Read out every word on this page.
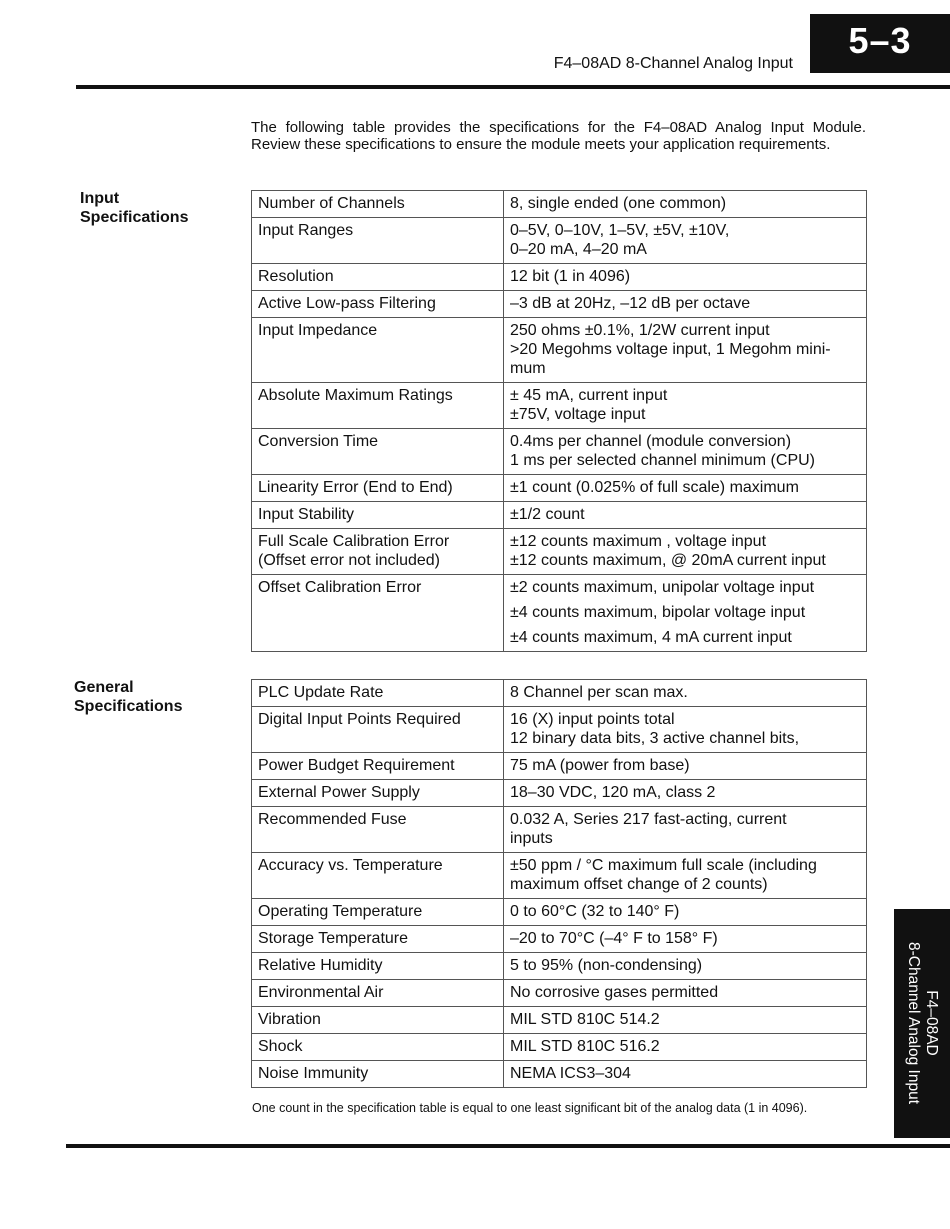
5–3
F4–08AD 8-Channel Analog Input

The following table provides the specifications for the F4–08AD Analog Input Module. Review these specifications to ensure the module meets your application requirements.

Input
Specifications
Number of Channels	8, single ended (one common)

Input Ranges	0–5V, 0–10V, 1–5V, ±5V, ±10V,
0–20 mA, 4–20 mA

Resolution	12 bit (1 in 4096)

Active Low-pass Filtering	–3 dB at 20Hz, –12 dB per octave

Input Impedance	250 ohms ±0.1%, 1/2W current input
>20 Megohms voltage input, 1 Megohm mini-
mum

Absolute Maximum Ratings	± 45 mA, current input
±75V, voltage input

Conversion Time	0.4ms per channel (module conversion)
1 ms per selected channel minimum (CPU)

Linearity Error (End to End)	±1 count (0.025% of full scale) maximum

Input Stability	±1/2 count

Full Scale Calibration Error
(Offset error not included)	±12 counts maximum , voltage input
±12 counts maximum, @ 20mA current input

Offset Calibration Error	±2 counts maximum, unipolar voltage input
±4 counts maximum, bipolar voltage input
±4 counts maximum, 4 mA current input
General
Specifications
PLC Update Rate	8 Channel per scan max.

Digital Input Points Required	16 (X) input points total
12 binary data bits, 3 active channel bits,

Power Budget Requirement	75 mA (power from base)

External Power Supply	18–30 VDC, 120 mA, class 2

Recommended Fuse	0.032 A, Series 217 fast-acting, current
inputs

Accuracy vs. Temperature	±50 ppm / °C maximum full scale (including
maximum offset change of 2 counts)

Operating Temperature	0 to 60°C (32 to 140° F)

Storage Temperature	–20 to 70°C (–4° F to 158° F)

Relative Humidity	5 to 95% (non-condensing)

Environmental Air	No corrosive gases permitted

Vibration	MIL STD 810C 514.2

Shock	MIL STD 810C 516.2

Noise Immunity	NEMA ICS3–304
One count in the specification table is equal to one least significant bit of the analog data (1 in 4096).
F4–08AD
8-Channel Analog Input
